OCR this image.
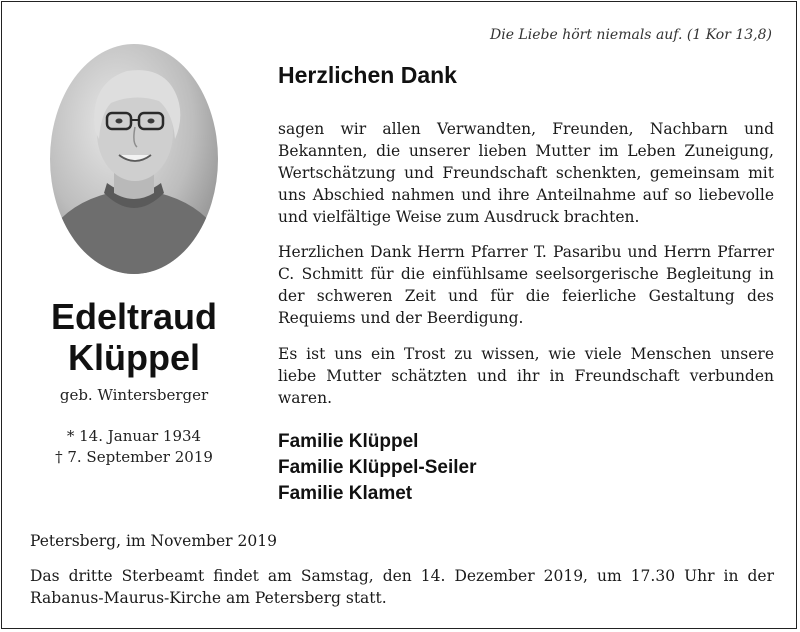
Die Liebe hört niemals auf. (1 Kor 13,8)
Herzlichen Dank
Edeltraud
Klüppel
geb. Wintersberger
* 14. Januar 1934
† 7. September 2019

sagen wir allen Verwandten, Freunden, Nachbarn und Bekannten, die unserer lieben Mutter im Leben Zuneigung, Wertschätzung und Freundschaft schenkten, gemeinsam mit uns Abschied nahmen und ihre Anteilnahme auf so liebevolle und vielfältige Weise zum Ausdruck brachten.

Herzlichen Dank Herrn Pfarrer T. Pasaribu und Herrn Pfarrer C. Schmitt für die einfühlsame seelsorgerische Begleitung in der schweren Zeit und für die feierliche Gestaltung des Requiems und der Beerdigung.

Es ist uns ein Trost zu wissen, wie viele Menschen unsere liebe Mutter schätzten und ihr in Freundschaft verbunden waren.

Familie Klüppel
Familie Klüppel-Seiler
Familie Klamet

Petersberg, im November 2019

Das dritte Sterbeamt findet am Samstag, den 14. Dezember 2019, um 17.30 Uhr in der Rabanus-Maurus-Kirche am Petersberg statt.
